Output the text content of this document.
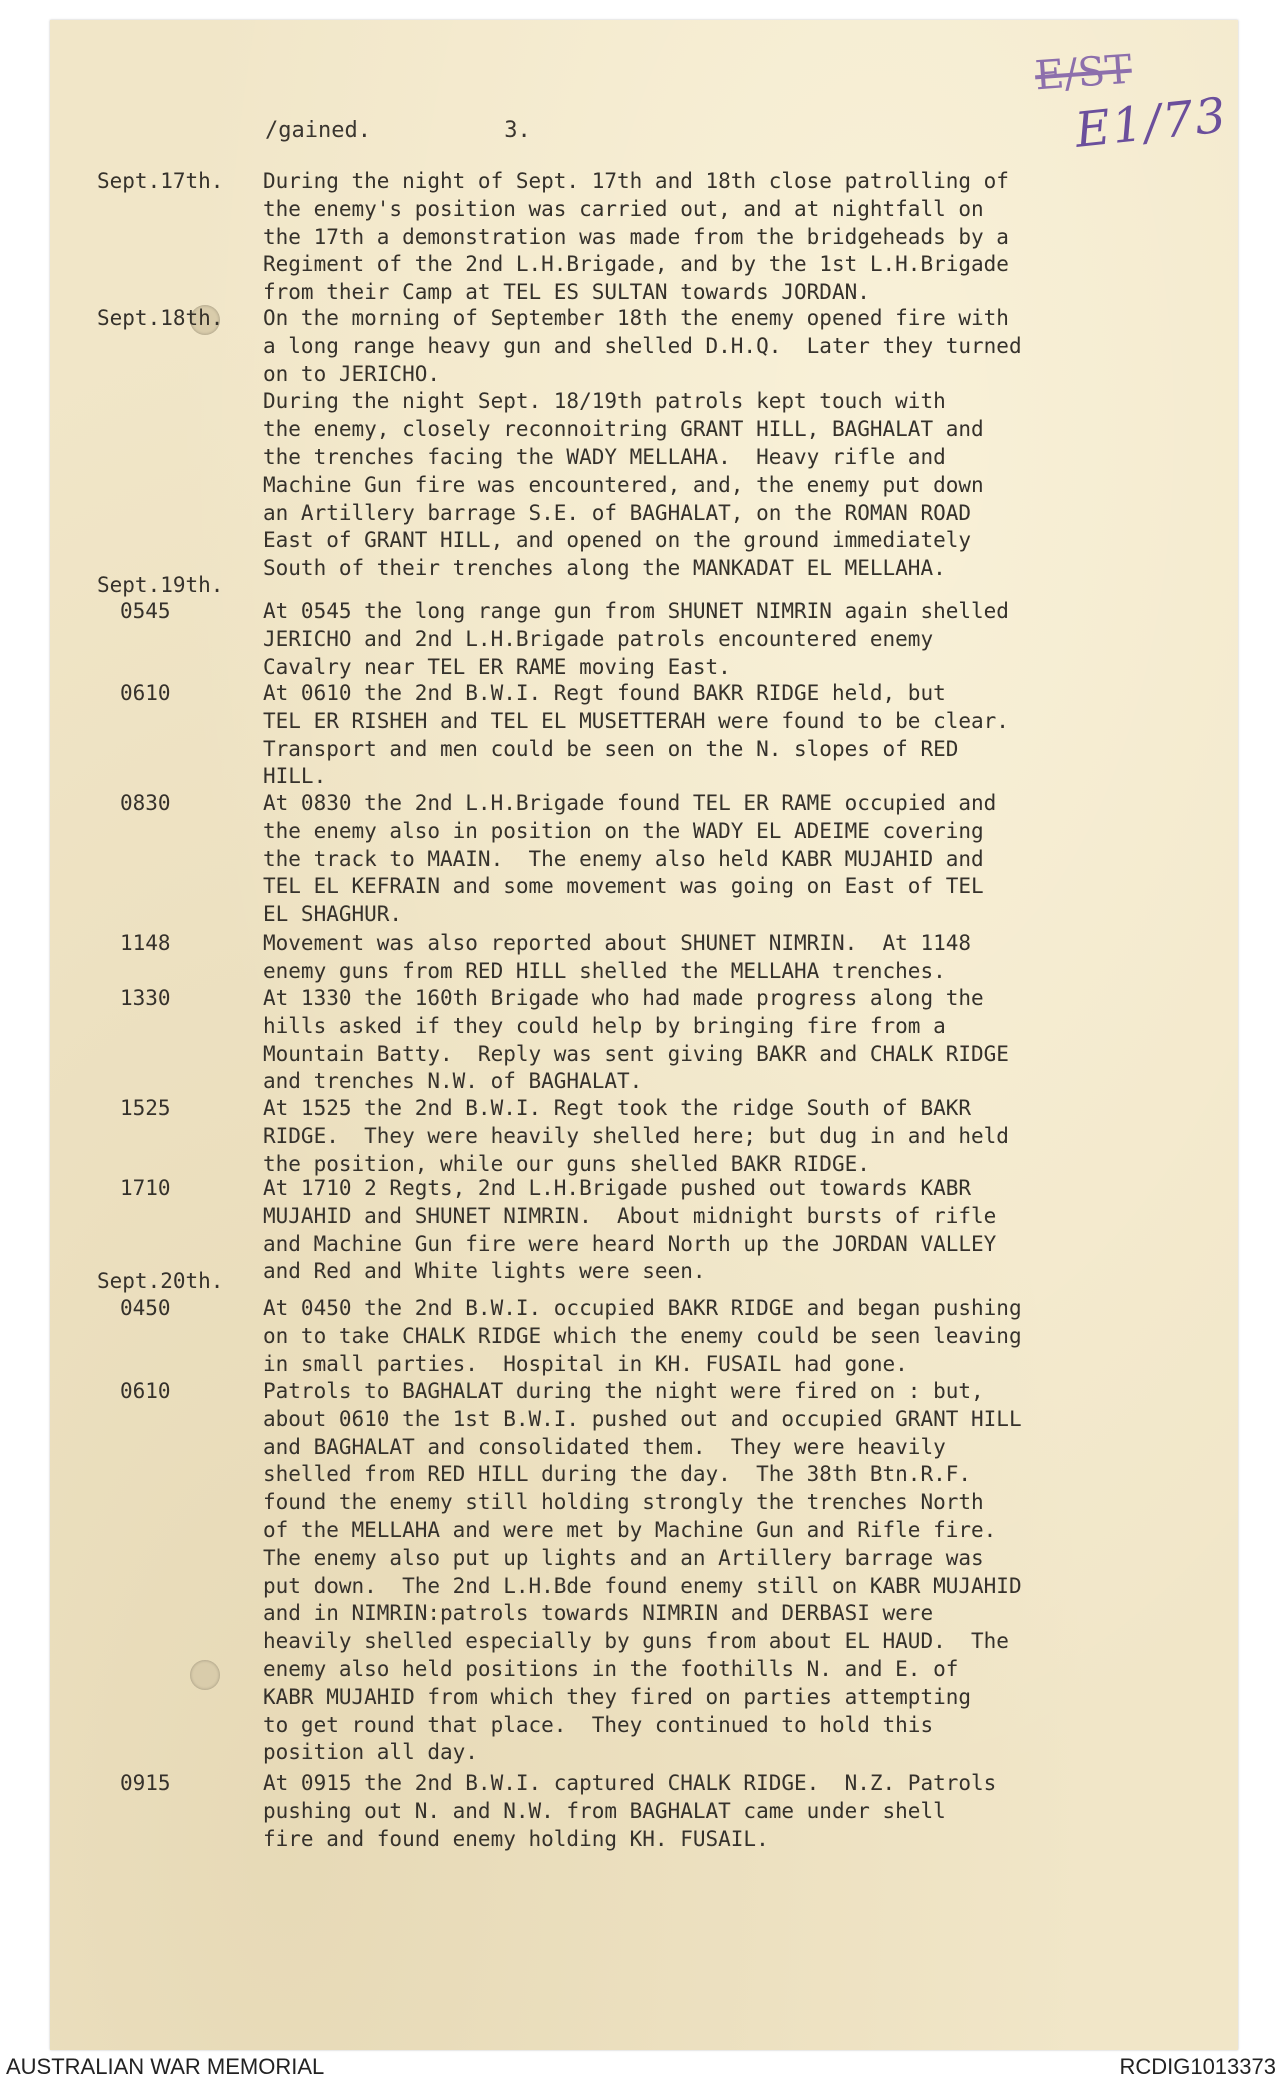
E/ST
E1/73
/gained.	3.
Sept.17th. During the night of Sept. 17th and 18th close patrolling of
the enemy's position was carried out, and at nightfall on
the 17th a demonstration was made from the bridgeheads by a
Regiment of the 2nd L.H.Brigade, and by the 1st L.H.Brigade
from their Camp at TEL ES SULTAN towards JORDAN.
Sept.18th. On the morning of September 18th the enemy opened fire with
a long range heavy gun and shelled D.H.Q.  Later they turned
on to JERICHO.
During the night Sept. 18/19th patrols kept touch with
the enemy, closely reconnoitring GRANT HILL, BAGHALAT and
the trenches facing the WADY MELLAHA.  Heavy rifle and
Machine Gun fire was encountered, and, the enemy put down
an Artillery barrage S.E. of BAGHALAT, on the ROMAN ROAD
East of GRANT HILL, and opened on the ground immediately
South of their trenches along the MANKADAT EL MELLAHA.
Sept.19th.
0545	At 0545 the long range gun from SHUNET NIMRIN again shelled
JERICHO and 2nd L.H.Brigade patrols encountered enemy
Cavalry near TEL ER RAME moving East.
0610	At 0610 the 2nd B.W.I. Regt found BAKR RIDGE held, but
TEL ER RISHEH and TEL EL MUSETTERAH were found to be clear.
Transport and men could be seen on the N. slopes of RED
HILL.
0830	At 0830 the 2nd L.H.Brigade found TEL ER RAME occupied and
the enemy also in position on the WADY EL ADEIME covering
the track to MAAIN.  The enemy also held KABR MUJAHID and
TEL EL KEFRAIN and some movement was going on East of TEL
EL SHAGHUR.
1148	Movement was also reported about SHUNET NIMRIN.  At 1148
enemy guns from RED HILL shelled the MELLAHA trenches.
1330	At 1330 the 160th Brigade who had made progress along the
hills asked if they could help by bringing fire from a
Mountain Batty.  Reply was sent giving BAKR and CHALK RIDGE
and trenches N.W. of BAGHALAT.
1525	At 1525 the 2nd B.W.I. Regt took the ridge South of BAKR
RIDGE.  They were heavily shelled here; but dug in and held
the position, while our guns shelled BAKR RIDGE.
1710	At 1710 2 Regts, 2nd L.H.Brigade pushed out towards KABR
MUJAHID and SHUNET NIMRIN.  About midnight bursts of rifle
and Machine Gun fire were heard North up the JORDAN VALLEY
and Red and White lights were seen.
Sept.20th.
0450	At 0450 the 2nd B.W.I. occupied BAKR RIDGE and began pushing
on to take CHALK RIDGE which the enemy could be seen leaving
in small parties.  Hospital in KH. FUSAIL had gone.
0610	Patrols to BAGHALAT during the night were fired on : but,
about 0610 the 1st B.W.I. pushed out and occupied GRANT HILL
and BAGHALAT and consolidated them.  They were heavily
shelled from RED HILL during the day.  The 38th Btn.R.F.
found the enemy still holding strongly the trenches North
of the MELLAHA and were met by Machine Gun and Rifle fire.
The enemy also put up lights and an Artillery barrage was
put down.  The 2nd L.H.Bde found enemy still on KABR MUJAHID
and in NIMRIN:patrols towards NIMRIN and DERBASI were
heavily shelled especially by guns from about EL HAUD.  The
enemy also held positions in the foothills N. and E. of
KABR MUJAHID from which they fired on parties attempting
to get round that place.  They continued to hold this
position all day.
0915	At 0915 the 2nd B.W.I. captured CHALK RIDGE.  N.Z. Patrols
pushing out N. and N.W. from BAGHALAT came under shell
fire and found enemy holding KH. FUSAIL.
AUSTRALIAN WAR MEMORIAL	RCDIG1013373
